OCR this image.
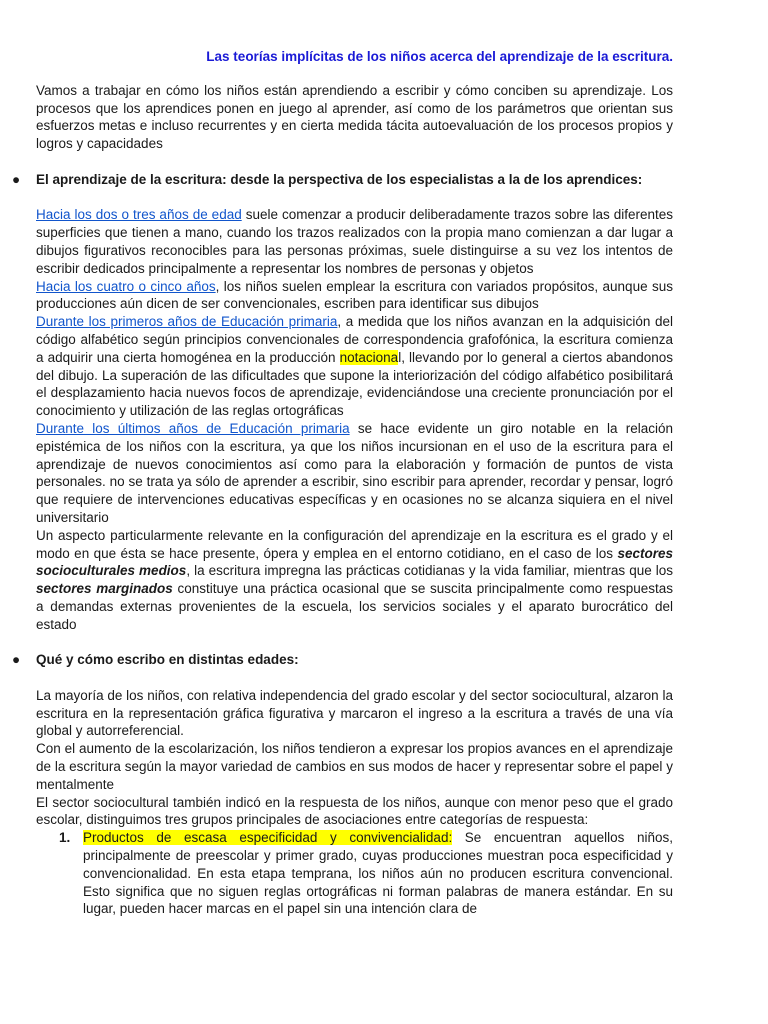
Las teorías implícitas de los niños acerca del aprendizaje de la escritura.

Vamos a trabajar en cómo los niños están aprendiendo a escribir y cómo conciben su aprendizaje. Los procesos que los aprendices ponen en juego al aprender, así como de los parámetros que orientan sus esfuerzos metas e incluso recurrentes y en cierta medida tácita autoevaluación de los procesos propios y logros y capacidades

● El aprendizaje de la escritura: desde la perspectiva de los especialistas a la de los aprendices:

Hacia los dos o tres años de edad suele comenzar a producir deliberadamente trazos sobre las diferentes superficies que tienen a mano, cuando los trazos realizados con la propia mano comienzan a dar lugar a dibujos figurativos reconocibles para las personas próximas, suele distinguirse a su vez los intentos de escribir dedicados principalmente a representar los nombres de personas y objetos

Hacia los cuatro o cinco años, los niños suelen emplear la escritura con variados propósitos, aunque sus producciones aún dicen de ser convencionales, escriben para identificar sus dibujos

Durante los primeros años de Educación primaria, a medida que los niños avanzan en la adquisición del código alfabético según principios convencionales de correspondencia grafofónica, la escritura comienza a adquirir una cierta homogénea en la producción notacional, llevando por lo general a ciertos abandonos del dibujo. La superación de las dificultades que supone la interiorización del código alfabético posibilitará el desplazamiento hacia nuevos focos de aprendizaje, evidenciándose una creciente pronunciación por el conocimiento y utilización de las reglas ortográficas

Durante los últimos años de Educación primaria se hace evidente un giro notable en la relación epistémica de los niños con la escritura, ya que los niños incursionan en el uso de la escritura para el aprendizaje de nuevos conocimientos así como para la elaboración y formación de puntos de vista personales. no se trata ya sólo de aprender a escribir, sino escribir para aprender, recordar y pensar, logró que requiere de intervenciones educativas específicas y en ocasiones no se alcanza siquiera en el nivel universitario

Un aspecto particularmente relevante en la configuración del aprendizaje en la escritura es el grado y el modo en que ésta se hace presente, ópera y emplea en el entorno cotidiano, en el caso de los sectores socioculturales medios, la escritura impregna las prácticas cotidianas y la vida familiar, mientras que los sectores marginados constituye una práctica ocasional que se suscita principalmente como respuestas a demandas externas provenientes de la escuela, los servicios sociales y el aparato burocrático del estado

● Qué y cómo escribo en distintas edades:

La mayoría de los niños, con relativa independencia del grado escolar y del sector sociocultural, alzaron la escritura en la representación gráfica figurativa y marcaron el ingreso a la escritura a través de una vía global y autorreferencial.

Con el aumento de la escolarización, los niños tendieron a expresar los propios avances en el aprendizaje de la escritura según la mayor variedad de cambios en sus modos de hacer y representar sobre el papel y mentalmente

El sector sociocultural también indicó en la respuesta de los niños, aunque con menor peso que el grado escolar, distinguimos tres grupos principales de asociaciones entre categorías de respuesta:

1. Productos de escasa especificidad y convivencialidad: Se encuentran aquellos niños, principalmente de preescolar y primer grado, cuyas producciones muestran poca especificidad y convencionalidad. En esta etapa temprana, los niños aún no producen escritura convencional. Esto significa que no siguen reglas ortográficas ni forman palabras de manera estándar. En su lugar, pueden hacer marcas en el papel sin una intención clara de
